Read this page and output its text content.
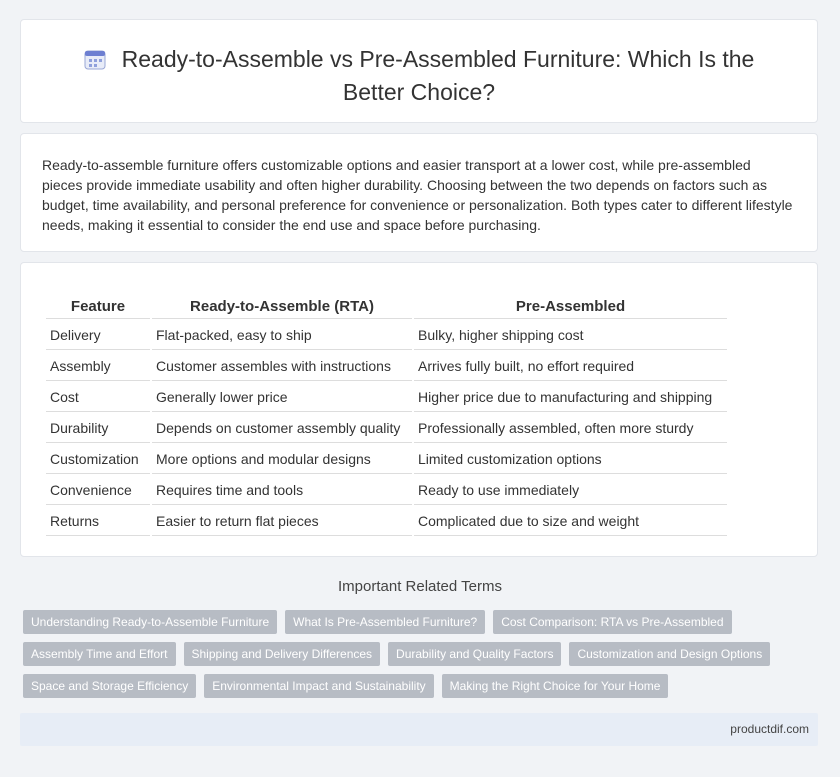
Ready-to-Assemble vs Pre-Assembled Furniture: Which Is the
Better Choice?

Ready-to-assemble furniture offers customizable options and easier transport at a lower cost, while pre-assembled pieces provide immediate usability and often higher durability. Choosing between the two depends on factors such as budget, time availability, and personal preference for convenience or personalization. Both types cater to different lifestyle needs, making it essential to consider the end use and space before purchasing.

Feature	Ready-to-Assemble (RTA)	Pre-Assembled
Delivery	Flat-packed, easy to ship	Bulky, higher shipping cost
Assembly	Customer assembles with instructions	Arrives fully built, no effort required
Cost	Generally lower price	Higher price due to manufacturing and shipping
Durability	Depends on customer assembly quality	Professionally assembled, often more sturdy
Customization	More options and modular designs	Limited customization options
Convenience	Requires time and tools	Ready to use immediately
Returns	Easier to return flat pieces	Complicated due to size and weight
Important Related Terms
Understanding Ready-to-Assemble Furniture	What Is Pre-Assembled Furniture?	Cost Comparison: RTA vs Pre-Assembled
Assembly Time and Effort	Shipping and Delivery Differences	Durability and Quality Factors	Customization and Design Options
Space and Storage Efficiency	Environmental Impact and Sustainability	Making the Right Choice for Your Home
productdif.com
